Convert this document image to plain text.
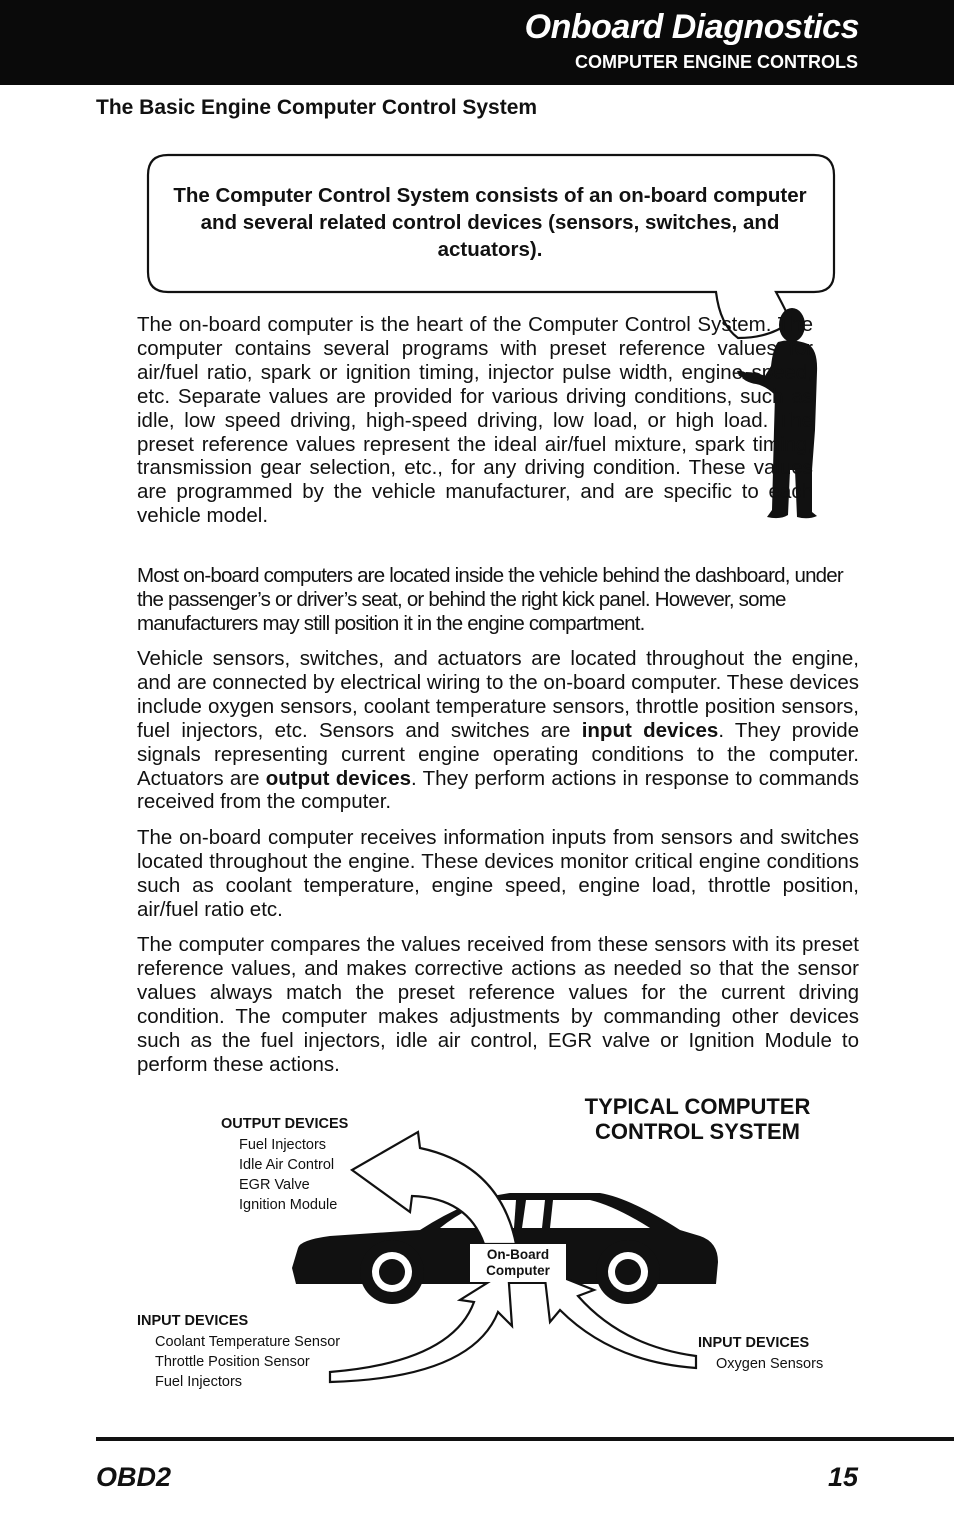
Onboard Diagnostics
COMPUTER ENGINE CONTROLS
The Basic Engine Computer Control System
The Computer Control System consists of an on-board computer and several related control devices (sensors, switches, and actuators).

The on-board computer is the heart of the Computer Control System. The computer contains several programs with preset reference values for air/fuel ratio, spark or ignition timing, injector pulse width, engine speed, etc. Separate values are provided for various driving conditions, such as idle, low speed driving, high-speed driving, low load, or high load. The preset reference values represent the ideal air/fuel mixture, spark timing, transmission gear selection, etc., for any driving condition. These values are programmed by the vehicle manufacturer, and are specific to each vehicle model.

Most on-board computers are located inside the vehicle behind the dashboard, under the passenger’s or driver’s seat, or behind the right kick panel. However, some manufacturers may still position it in the engine compartment.

Vehicle sensors, switches, and actuators are located throughout the engine, and are connected by electrical wiring to the on-board computer. These devices include oxygen sensors, coolant temperature sensors, throttle position sensors, fuel injectors, etc. Sensors and switches are input devices. They provide signals representing current engine operating conditions to the computer. Actuators are output devices. They perform actions in response to commands received from the computer.

The on-board computer receives information inputs from sensors and switches located throughout the engine. These devices monitor critical engine conditions such as coolant temperature, engine speed, engine load, throttle position, air/fuel ratio etc.

The computer compares the values received from these sensors with its preset reference values, and makes corrective actions as needed so that the sensor values always match the preset reference values for the current driving condition. The computer makes adjustments by commanding other devices such as the fuel injectors, idle air control, EGR valve or Ignition Module to perform these actions.

TYPICAL COMPUTER CONTROL SYSTEM
On-Board Computer
OUTPUT DEVICES
Fuel Injectors
Idle Air Control
EGR Valve
Ignition Module
INPUT DEVICES
Coolant Temperature Sensor
Throttle Position Sensor
Fuel Injectors
INPUT DEVICES
Oxygen Sensors
OBD2	15
